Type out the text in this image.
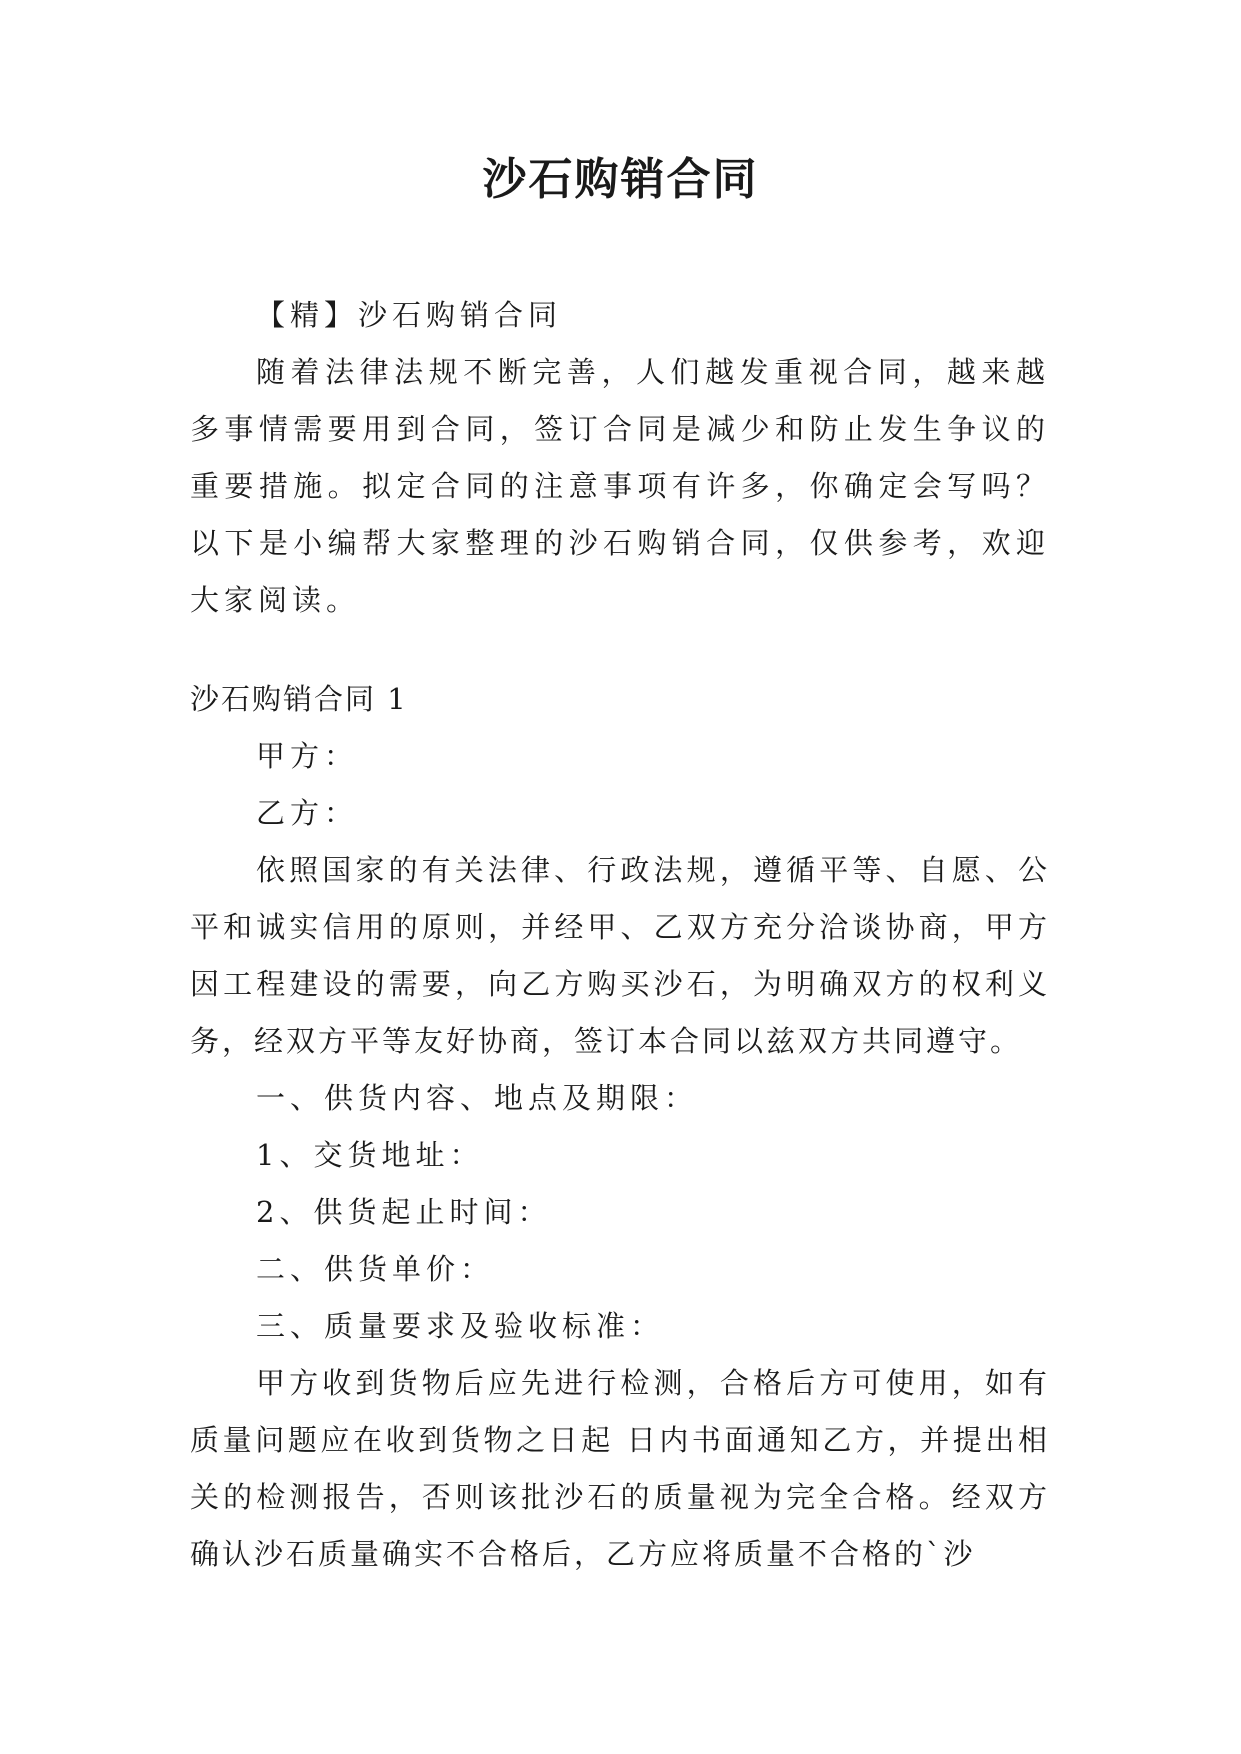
沙石购销合同

【精】沙石购销合同

随着法律法规不断完善，人们越发重视合同，越来越多事情需要用到合同，签订合同是减少和防止发生争议的重要措施。拟定合同的注意事项有许多，你确定会写吗？以下是小编帮大家整理的沙石购销合同，仅供参考，欢迎大家阅读。

沙石购销合同 1

甲方：

乙方：

依照国家的有关法律、行政法规，遵循平等、自愿、公平和诚实信用的原则，并经甲、乙双方充分洽谈协商，甲方因工程建设的需要，向乙方购买沙石，为明确双方的权利义务，经双方平等友好协商，签订本合同以兹双方共同遵守。

一、供货内容、地点及期限：

1、交货地址：

2、供货起止时间：

二、供货单价：

三、质量要求及验收标准：

甲方收到货物后应先进行检测，合格后方可使用，如有质量问题应在收到货物之日起 日内书面通知乙方，并提出相关的检测报告，否则该批沙石的质量视为完全合格。经双方确认沙石质量确实不合格后，乙方应将质量不合格的`沙
